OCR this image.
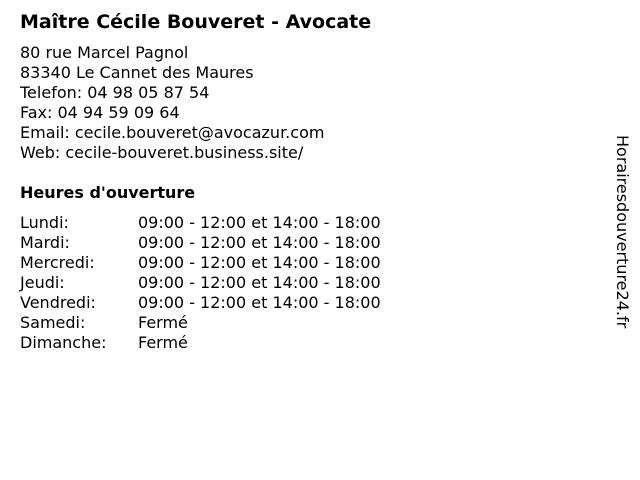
Maître Cécile Bouveret - Avocate
80 rue Marcel Pagnol
83340 Le Cannet des Maures
Telefon: 04 98 05 87 54
Fax: 04 94 59 09 64
Email: cecile.bouveret@avocazur.com
Web: cecile-bouveret.business.site/
Heures d'ouverture
Lundi:	09:00 - 12:00 et 14:00 - 18:00
Mardi:	09:00 - 12:00 et 14:00 - 18:00
Mercredi:	09:00 - 12:00 et 14:00 - 18:00
Jeudi:	09:00 - 12:00 et 14:00 - 18:00
Vendredi:	09:00 - 12:00 et 14:00 - 18:00
Samedi:	Fermé
Dimanche: Fermé
Horairesdouverture24.fr
